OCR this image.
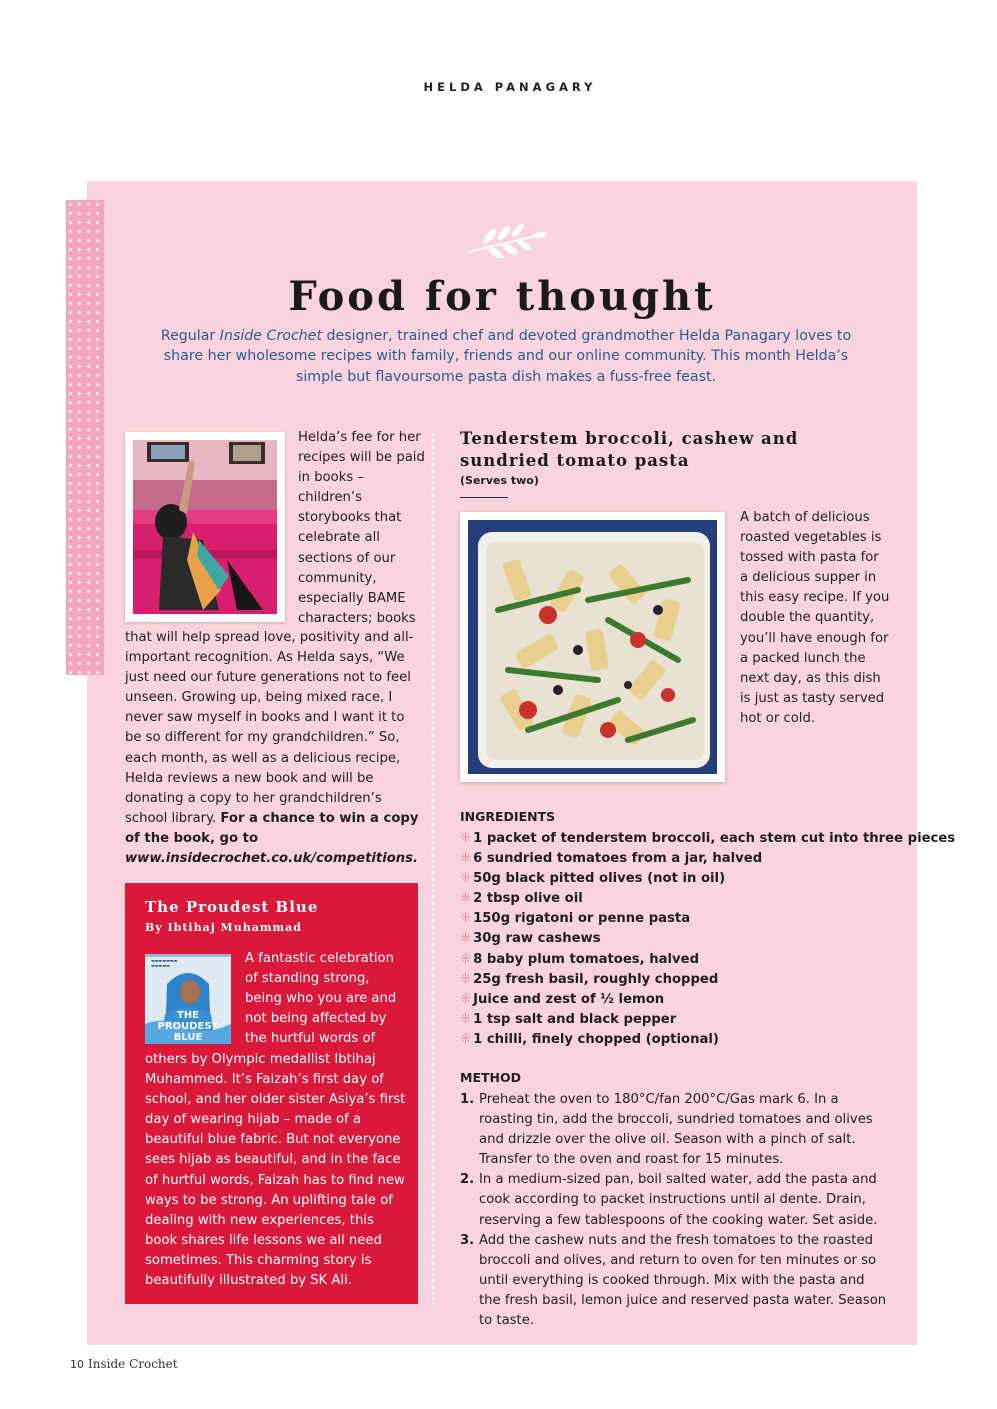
HELDA PANAGARY
Food for thought

Regular Inside Crochet designer, trained chef and devoted grandmother Helda Panagary loves to share her wholesome recipes with family, friends and our online community. This month Helda’s simple but flavoursome pasta dish makes a fuss-free feast.

Helda’s fee for her recipes will be paid in books – children’s storybooks that celebrate all sections of our community, especially BAME characters; books

that will help spread love, positivity and all-important recognition. As Helda says, “We just need our future generations not to feel unseen. Growing up, being mixed race, I never saw myself in books and I want it to be so different for my grandchildren.” So, each month, as well as a delicious recipe, Helda reviews a new book and will be donating a copy to her grandchildren’s school library. For a chance to win a copy of the book, go to www.insidecrochet.co.uk/competitions.

The Proudest Blue

By Ibtihaj Muhammad

▬▬▬▬▬▬▬
▬▬▬▬▬
THE PROUDEST BLUE

A fantastic celebration of standing strong, being who you are and not being affected by the hurtful words of

others by Olympic medallist Ibtihaj Muhammed. It’s Faizah’s first day of school, and her older sister Asiya’s first day of wearing hijab – made of a beautiful blue fabric. But not everyone sees hijab as beautiful, and in the face of hurtful words, Faizah has to find new ways to be strong. An uplifting tale of dealing with new experiences, this book shares life lessons we all need sometimes. This charming story is beautifully illustrated by SK Ali.

Tenderstem broccoli, cashew and sundried tomato pasta

(Serves two)

A batch of delicious roasted vegetables is tossed with pasta for a delicious supper in this easy recipe. If you double the quantity, you’ll have enough for a packed lunch the next day, as this dish is just as tasty served hot or cold.

INGREDIENTS

⁜ 1 packet of tenderstem broccoli, each stem cut into three pieces
⁜ 6 sundried tomatoes from a jar, halved
⁜ 50g black pitted olives (not in oil)
⁜ 2 tbsp olive oil
⁜ 150g rigatoni or penne pasta
⁜ 30g raw cashews
⁜ 8 baby plum tomatoes, halved
⁜ 25g fresh basil, roughly chopped
⁜ Juice and zest of ½ lemon
⁜ 1 tsp salt and black pepper
⁜ 1 chilli, finely chopped (optional)

METHOD

1. Preheat the oven to 180°C/fan 200°C/Gas mark 6. In a roasting tin, add the broccoli, sundried tomatoes and olives and drizzle over the olive oil. Season with a pinch of salt. Transfer to the oven and roast for 15 minutes.
2. In a medium-sized pan, boil salted water, add the pasta and cook according to packet instructions until al dente. Drain, reserving a few tablespoons of the cooking water. Set aside.
3. Add the cashew nuts and the fresh tomatoes to the roasted broccoli and olives, and return to oven for ten minutes or so until everything is cooked through. Mix with the pasta and the fresh basil, lemon juice and reserved pasta water. Season to taste.
10 Inside Crochet
